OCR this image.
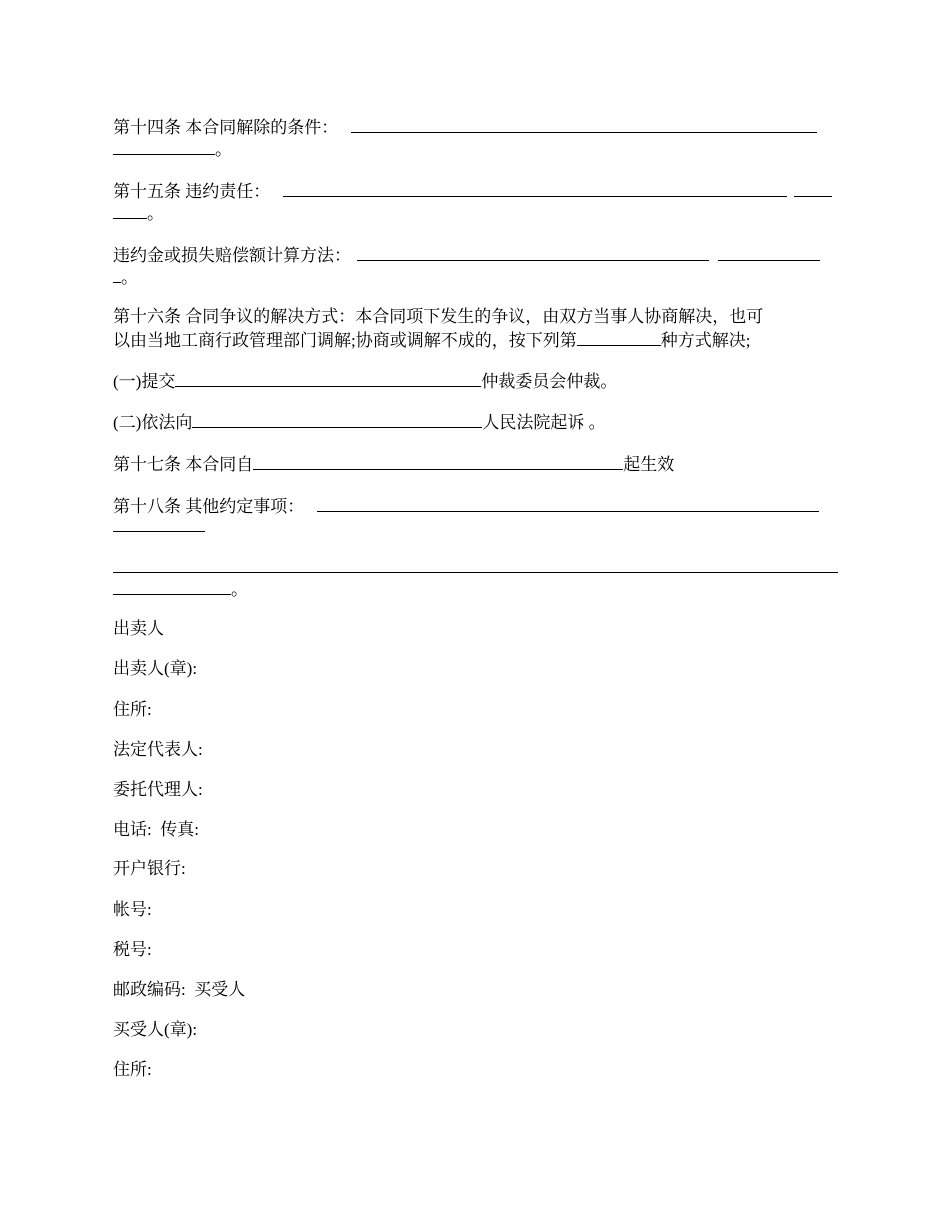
第十四条 本合同解除的条件：
。
第十五条 违约责任：
。
违约金或损失赔偿额计算方法：
。
第十六条 合同争议的解决方式：本合同项下发生的争议，由双方当事人协商解决，也可
以由当地工商行政管理部门调解;协商或调解不成的，按下列第	种方式解决;
(一)提交	仲裁委员会仲裁。
(二)依法向	人民法院起诉 。
第十七条 本合同自	起生效
第十八条 其他约定事项：
。
出卖人
出卖人(章):
住所:
法定代表人:
委托代理人:
电话:  传真:
开户银行:
帐号:
税号:
邮政编码:  买受人
买受人(章):
住所:
